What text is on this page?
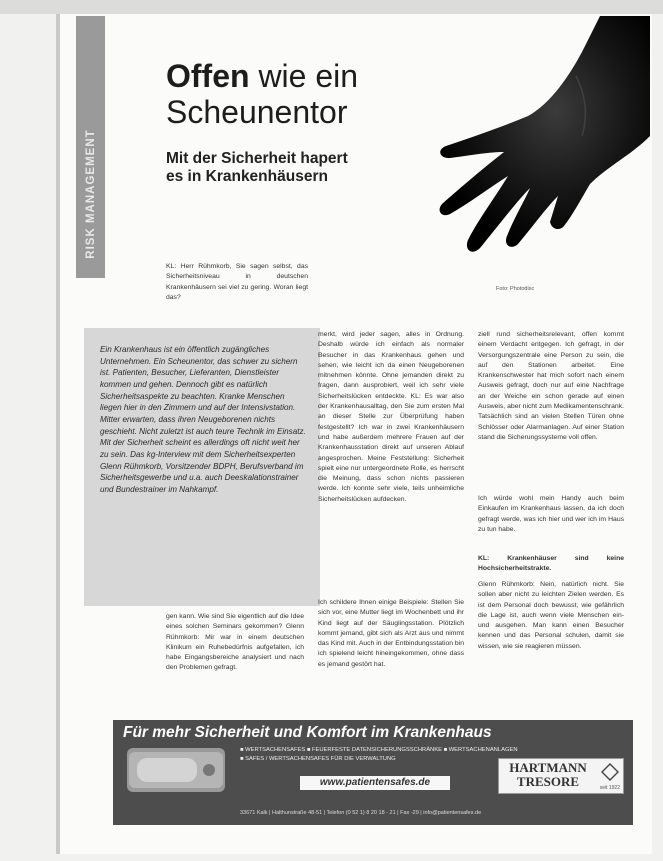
RISK MANAGEMENT
Foto: Photodisc
Offen wie ein
Scheunentor
Mit der Sicherheit hapert es in Krankenhäusern

KL: Herr Rühmkorb, Sie sagen selbst, das Sicherheitsniveau in deutschen Krankenhäusern sei viel zu gering. Woran liegt das?

Ein Krankenhaus ist ein öffentlich zugängliches Unternehmen. Ein Scheunentor, das schwer zu sichern ist. Patienten, Besucher, Lieferanten, Dienstleister kommen und gehen. Dennoch gibt es natürlich Sicherheitsaspekte zu beachten. Kranke Menschen liegen hier in den Zimmern und auf der Intensivstation. Mitter erwarten, dass ihren Neugeborenen nichts geschieht. Nicht zuletzt ist auch teure Technik im Einsatz. Mit der Sicherheit scheint es allerdings oft nicht weit her zu sein. Das kg-Interview mit dem Sicherheitsexperten Glenn Rühmkorb, Vorsitzender BDPH, Berufsverband im Sicherheitsgewerbe und u.a. auch Deeskalationstrainer und Bundestrainer im Nahkampf.

gen kann. Wie sind Sie eigentlich auf die Idee eines solchen Seminars gekommen? Glenn Rühmkorb: Mir war in einem deutschen Klinikum ein Ruhebedürfnis aufgefallen, ich habe Eingangsbereiche analysiert und nach den Problemen gefragt.

merkt, wird jeder sagen, alles in Ordnung. Deshalb würde ich einfach als normaler Besucher in das Krankenhaus gehen und sehen, wie leicht ich da einen Neugeborenen mitnehmen könnte. Ohne jemanden direkt zu fragen, dann ausprobiert, weil ich sehr viele Sicherheitslücken entdeckte. KL: Es war also der Krankenhausalltag, den Sie zum ersten Mal an dieser Stelle zur Überprüfung haben festgestellt? Ich war in zwei Krankenhäusern und habe außerdem mehrere Frauen auf der Krankenhausstation direkt auf unseren Ablauf angesprochen. Meine Feststellung: Sicherheit spielt eine nur untergeordnete Rolle, es herrscht die Meinung, dass schon nichts passieren werde. Ich konnte sehr viele, teils unheimliche Sicherheitslücken aufdecken.

Ich schildere Ihnen einige Beispiele: Stellen Sie sich vor, eine Mutter liegt im Wochenbett und ihr Kind liegt auf der Säuglingsstation. Plötzlich kommt jemand, gibt sich als Arzt aus und nimmt das Kind mit. Auch in der Entbindungsstation bin ich spielend leicht hineingekommen, ohne dass es jemand gestört hat.

ziell rund sicherheitsrelevant, offen kommt einem Verdacht entgegen. Ich gefragt, in der Versorgungszentrale eine Person zu sein, die auf den Stationen arbeitet. Eine Krankenschwester hat mich sofort nach einem Ausweis gefragt, doch nur auf eine Nachfrage an der Weiche ein schon gerade auf einen Ausweis, aber nicht zum Medikamentenschrank. Tatsächlich sind an vielen Stellen Türen ohne Schlösser oder Alarmanlagen. Auf einer Station stand die Sicherungssysteme voll offen.

Ich würde wohl mein Handy auch beim Einkaufen im Krankenhaus lassen, da ich doch gefragt werde, was ich hier und wer ich im Haus zu tun habe.

KL: Krankenhäuser sind keine Hochsicherheitstrakte.

Glenn Rühmkorb: Nein, natürlich nicht. Sie sollen aber nicht zu leichten Zielen werden. Es ist dem Personal doch bewusst, wie gefährlich die Lage ist, auch wenn viele Menschen ein- und ausgehen. Man kann einen Besucher kennen und das Personal schulen, damit sie wissen, wie sie reagieren müssen.

Für mehr Sicherheit und Komfort im Krankenhaus

■ WERTSACHENSAFES ■ FEUERFESTE DATENSICHERUNGSSCHRÄNKE ■ WERTSACHENANLAGEN
■ SAFES / WERTSACHENSAFES FÜR DIE VERWALTUNG

www.patientensafes.de
HARTMANN
TRESORE	seit 1922
33671 Kalk | Halthunstraße 48-51 | Telefon (0 52 1) 8 20 18 - 21 | Fax -29 | info@patientensafes.de
